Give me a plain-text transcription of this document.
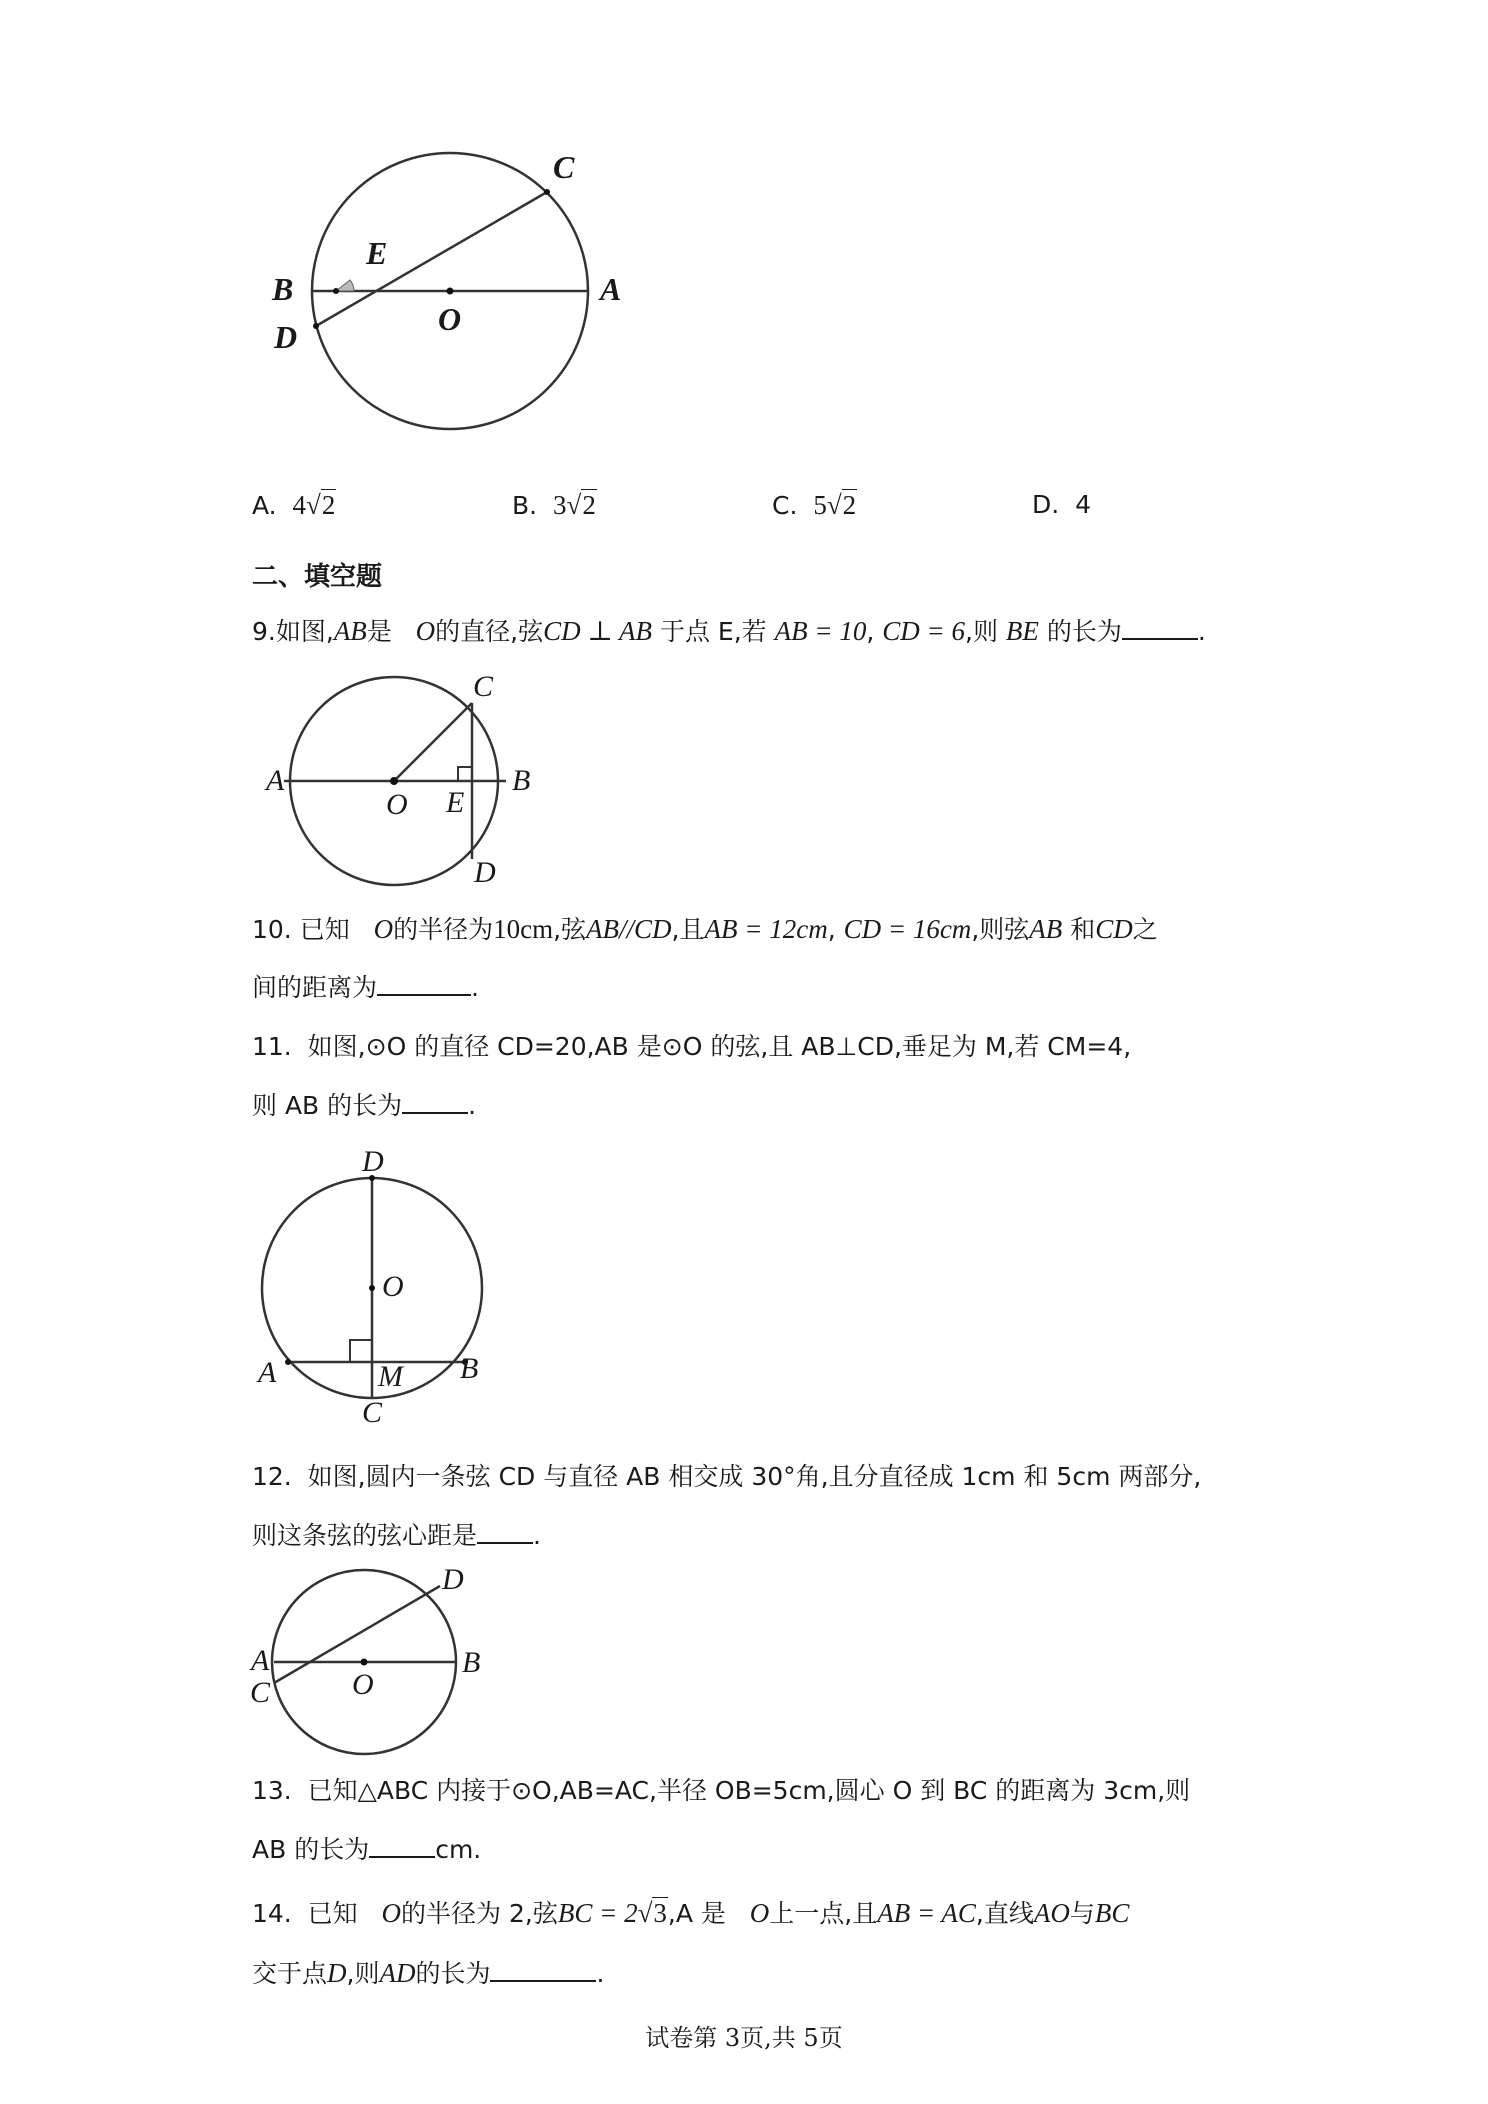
C
E
B	A
D	O
A. 4√2	B. 3√2	C. 5√2	D. 4
二、填空题
9.如图,AB是 O的直径,弦CD ⊥ AB 于点 E,若 AB = 10, CD = 6,则 BE 的长为	.
C
A
O E
B
D
10. 已知 O的半径为10cm,弦AB//CD,且AB = 12cm, CD = 16cm,则弦AB 和CD之
间的距离为	.
11. 如图,⊙O 的直径 CD=20,AB 是⊙O 的弦,且 AB⊥CD,垂足为 M,若 CM=4,
则 AB 的长为	.
D
O
A	M B
C
12. 如图,圆内一条弦 CD 与直径 AB 相交成 30°角,且分直径成 1cm 和 5cm 两部分,
则这条弦的弦心距是 .
D
A	B
O
C
13. 已知△ABC 内接于⊙O,AB=AC,半径 OB=5cm,圆心 O 到 BC 的距离为 3cm,则
AB 的长为	cm.
14. 已知 O的半径为 2,弦BC = 2√3,A 是 O上一点,且AB = AC,直线AO与BC
交于点D,则AD的长为	.
试卷第 3页,共 5页
